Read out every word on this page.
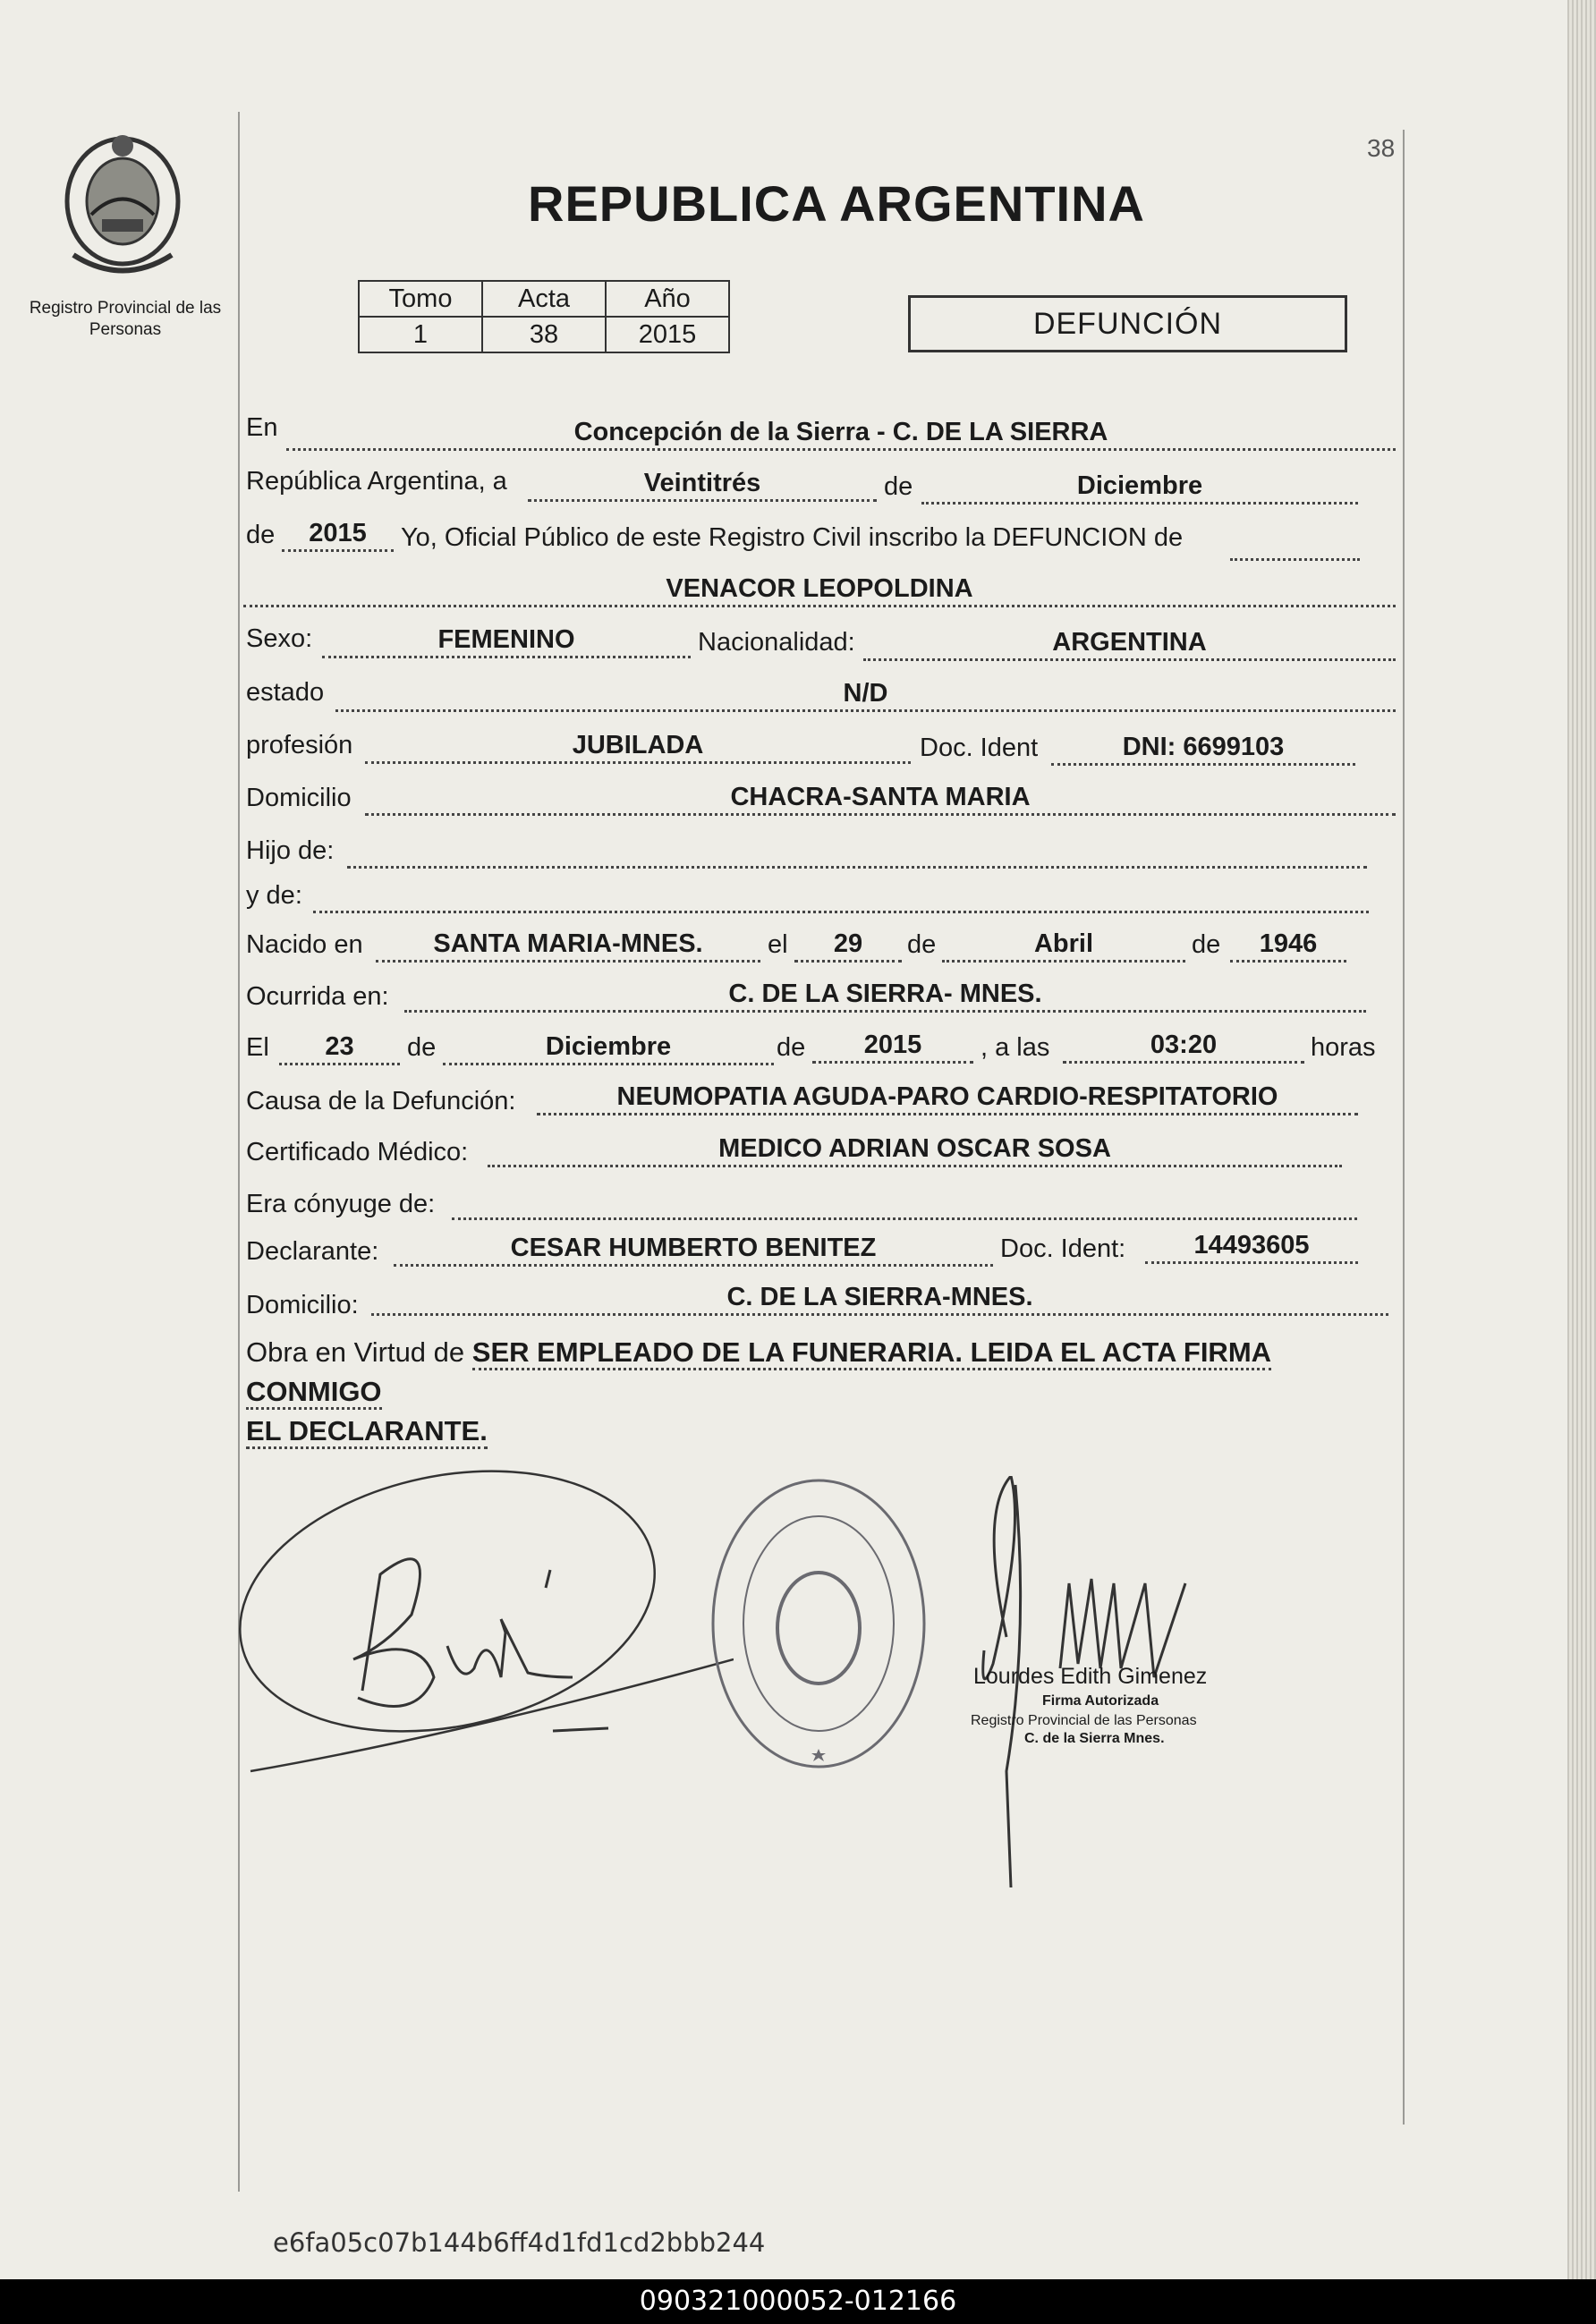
Registro Provincial de las Personas
38
REPUBLICA ARGENTINA
Tomo	Acta	Año
1	38	2015	DEFUNCIÓN
En	Concepción de la Sierra - C. DE LA SIERRA
República Argentina, a	Veintitrés	de	Diciembre
de	2015	Yo, Oficial Público de este Registro Civil inscribo la DEFUNCION de
VENACOR LEOPOLDINA
Sexo:	FEMENINO	Nacionalidad:	ARGENTINA
estado	N/D
profesión	JUBILADA	Doc. Ident	DNI: 6699103
Domicilio	CHACRA-SANTA MARIA
Hijo de:
y de:
Nacido en	SANTA MARIA-MNES.	el	29	de	Abril	de	1946
Ocurrida en:	C. DE LA SIERRA- MNES.
El	23	de	Diciembre	de	2015	, a las	03:20	horas
Causa de la Defunción:	NEUMOPATIA AGUDA-PARO CARDIO-RESPITATORIO
Certificado Médico:	MEDICO ADRIAN OSCAR SOSA
Era cónyuge de:
Declarante:	CESAR HUMBERTO BENITEZ	Doc. Ident:	14493605
Domicilio:	C. DE LA SIERRA-MNES.
Obra en Virtud de SER EMPLEADO DE LA FUNERARIA. LEIDA EL ACTA FIRMA CONMIGO
EL DECLARANTE.
Lourdes Edith Gimenez
Firma Autorizada
Registro Provincial de las Personas
C. de la Sierra Mnes.
e6fa05c07b144b6ff4d1fd1cd2bbb244
090321000052-012166
